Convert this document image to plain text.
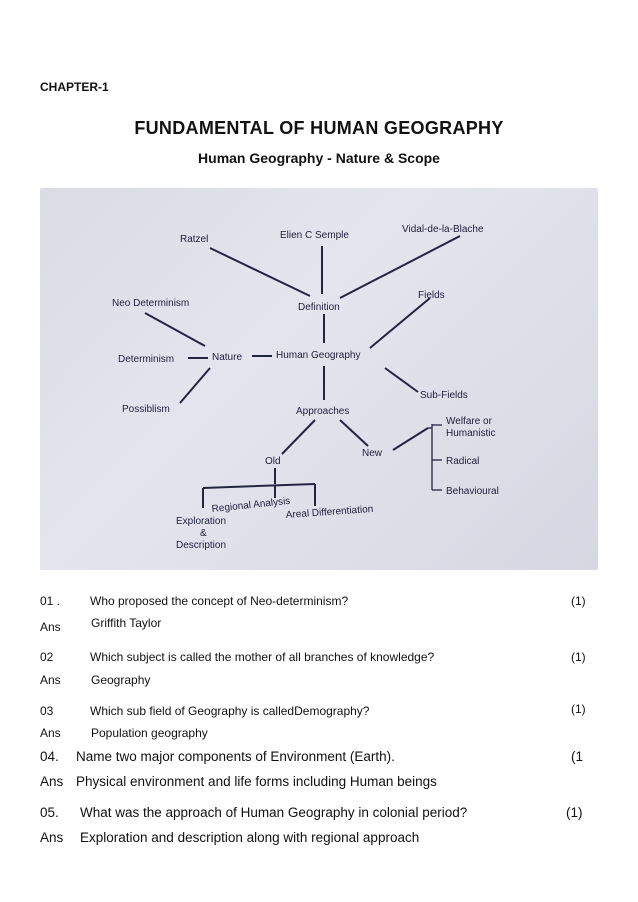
CHAPTER-1
FUNDAMENTAL OF HUMAN GEOGRAPHY
Human Geography - Nature & Scope
Ratzel	Elien C Semple
Vidal-de-la-Blache
Neo Determinism	Definition
Fields
Determinism	Nature	Human Geography
Possiblism
Sub-Fields
Approaches
Welfare or
Humanistic
Radical
Behavioural
Old
New
Regional Analysis
Areal Differentiation
Exploration
&
Description
01 . Who proposed the concept of Neo-determinism?	(1)
Ans	Griffith Taylor
02	Which subject is called the mother of all branches of knowledge?	(1)
Ans	Geography
03	Which sub field of Geography is calledDemography?	(1)
Ans	Population geography
04. Name two major components of Environment (Earth).	(1
Ans Physical environment and life forms including Human beings
05. What was the approach of Human Geography in colonial period?	(1)
Ans Exploration and description along with regional approach
